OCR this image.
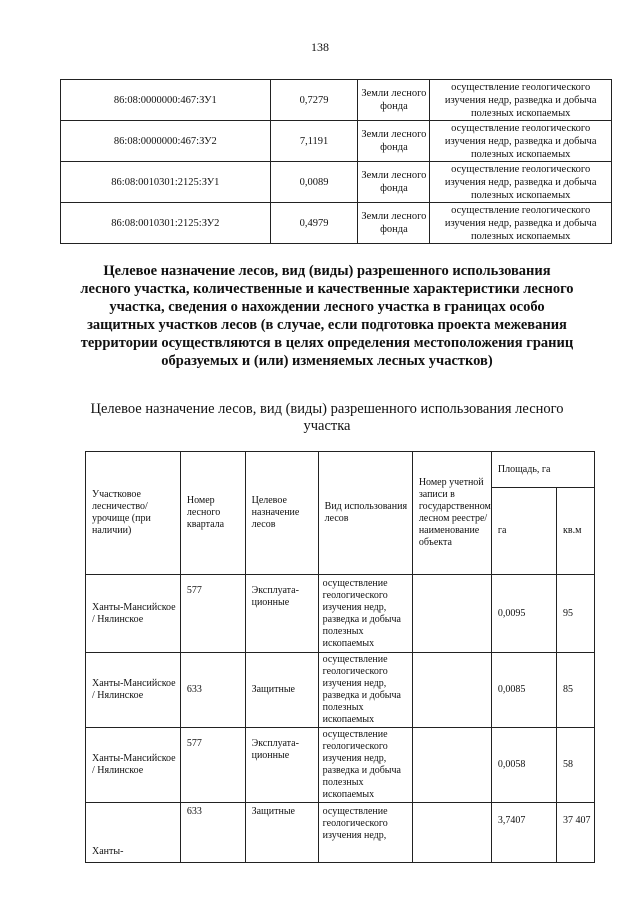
138
86:08:0000000:467:ЗУ1	0,7279	Земли лесного фонда	осуществление геологического изучения недр, разведка и добыча полезных ископаемых
86:08:0000000:467:ЗУ2	7,1191	Земли лесного фонда	осуществление геологического изучения недр, разведка и добыча полезных ископаемых
86:08:0010301:2125:ЗУ1	0,0089	Земли лесного фонда	осуществление геологического изучения недр, разведка и добыча полезных ископаемых
86:08:0010301:2125:ЗУ2	0,4979	Земли лесного фонда	осуществление геологического изучения недр, разведка и добыча полезных ископаемых
Целевое назначение лесов, вид (виды) разрешенного использования лесного участка, количественные и качественные характеристики лесного участка, сведения о нахождении лесного участка в границах особо защитных участков лесов (в случае, если подготовка проекта межевания территории осуществляются в целях определения местоположения границ образуемых и (или) изменяемых лесных участков)
Целевое назначение лесов, вид (виды) разрешенного использования лесного участка
Участковое лесничество/ урочище (при наличии)	Номер лесного квартала	Целевое назначение лесов	Вид использования лесов	Номер учетной записи в государственном лесном реестре/ наименование объекта	Площадь, га	
					га	кв.м
Ханты-Мансийское / Нялинское	577	Эксплуата-ционные	осуществление геологического изучения недр, разведка и добыча полезных ископаемых		0,0095	95
Ханты-Мансийское / Нялинское	633	Защитные	осуществление геологического изучения недр, разведка и добыча полезных ископаемых		0,0085	85
Ханты-Мансийское / Нялинское	577	Эксплуата-ционные	осуществление геологического изучения недр, разведка и добыча полезных ископаемых		0,0058	58
Ханты-	633	Защитные	осуществление геологического изучения недр,		3,7407	37 407
